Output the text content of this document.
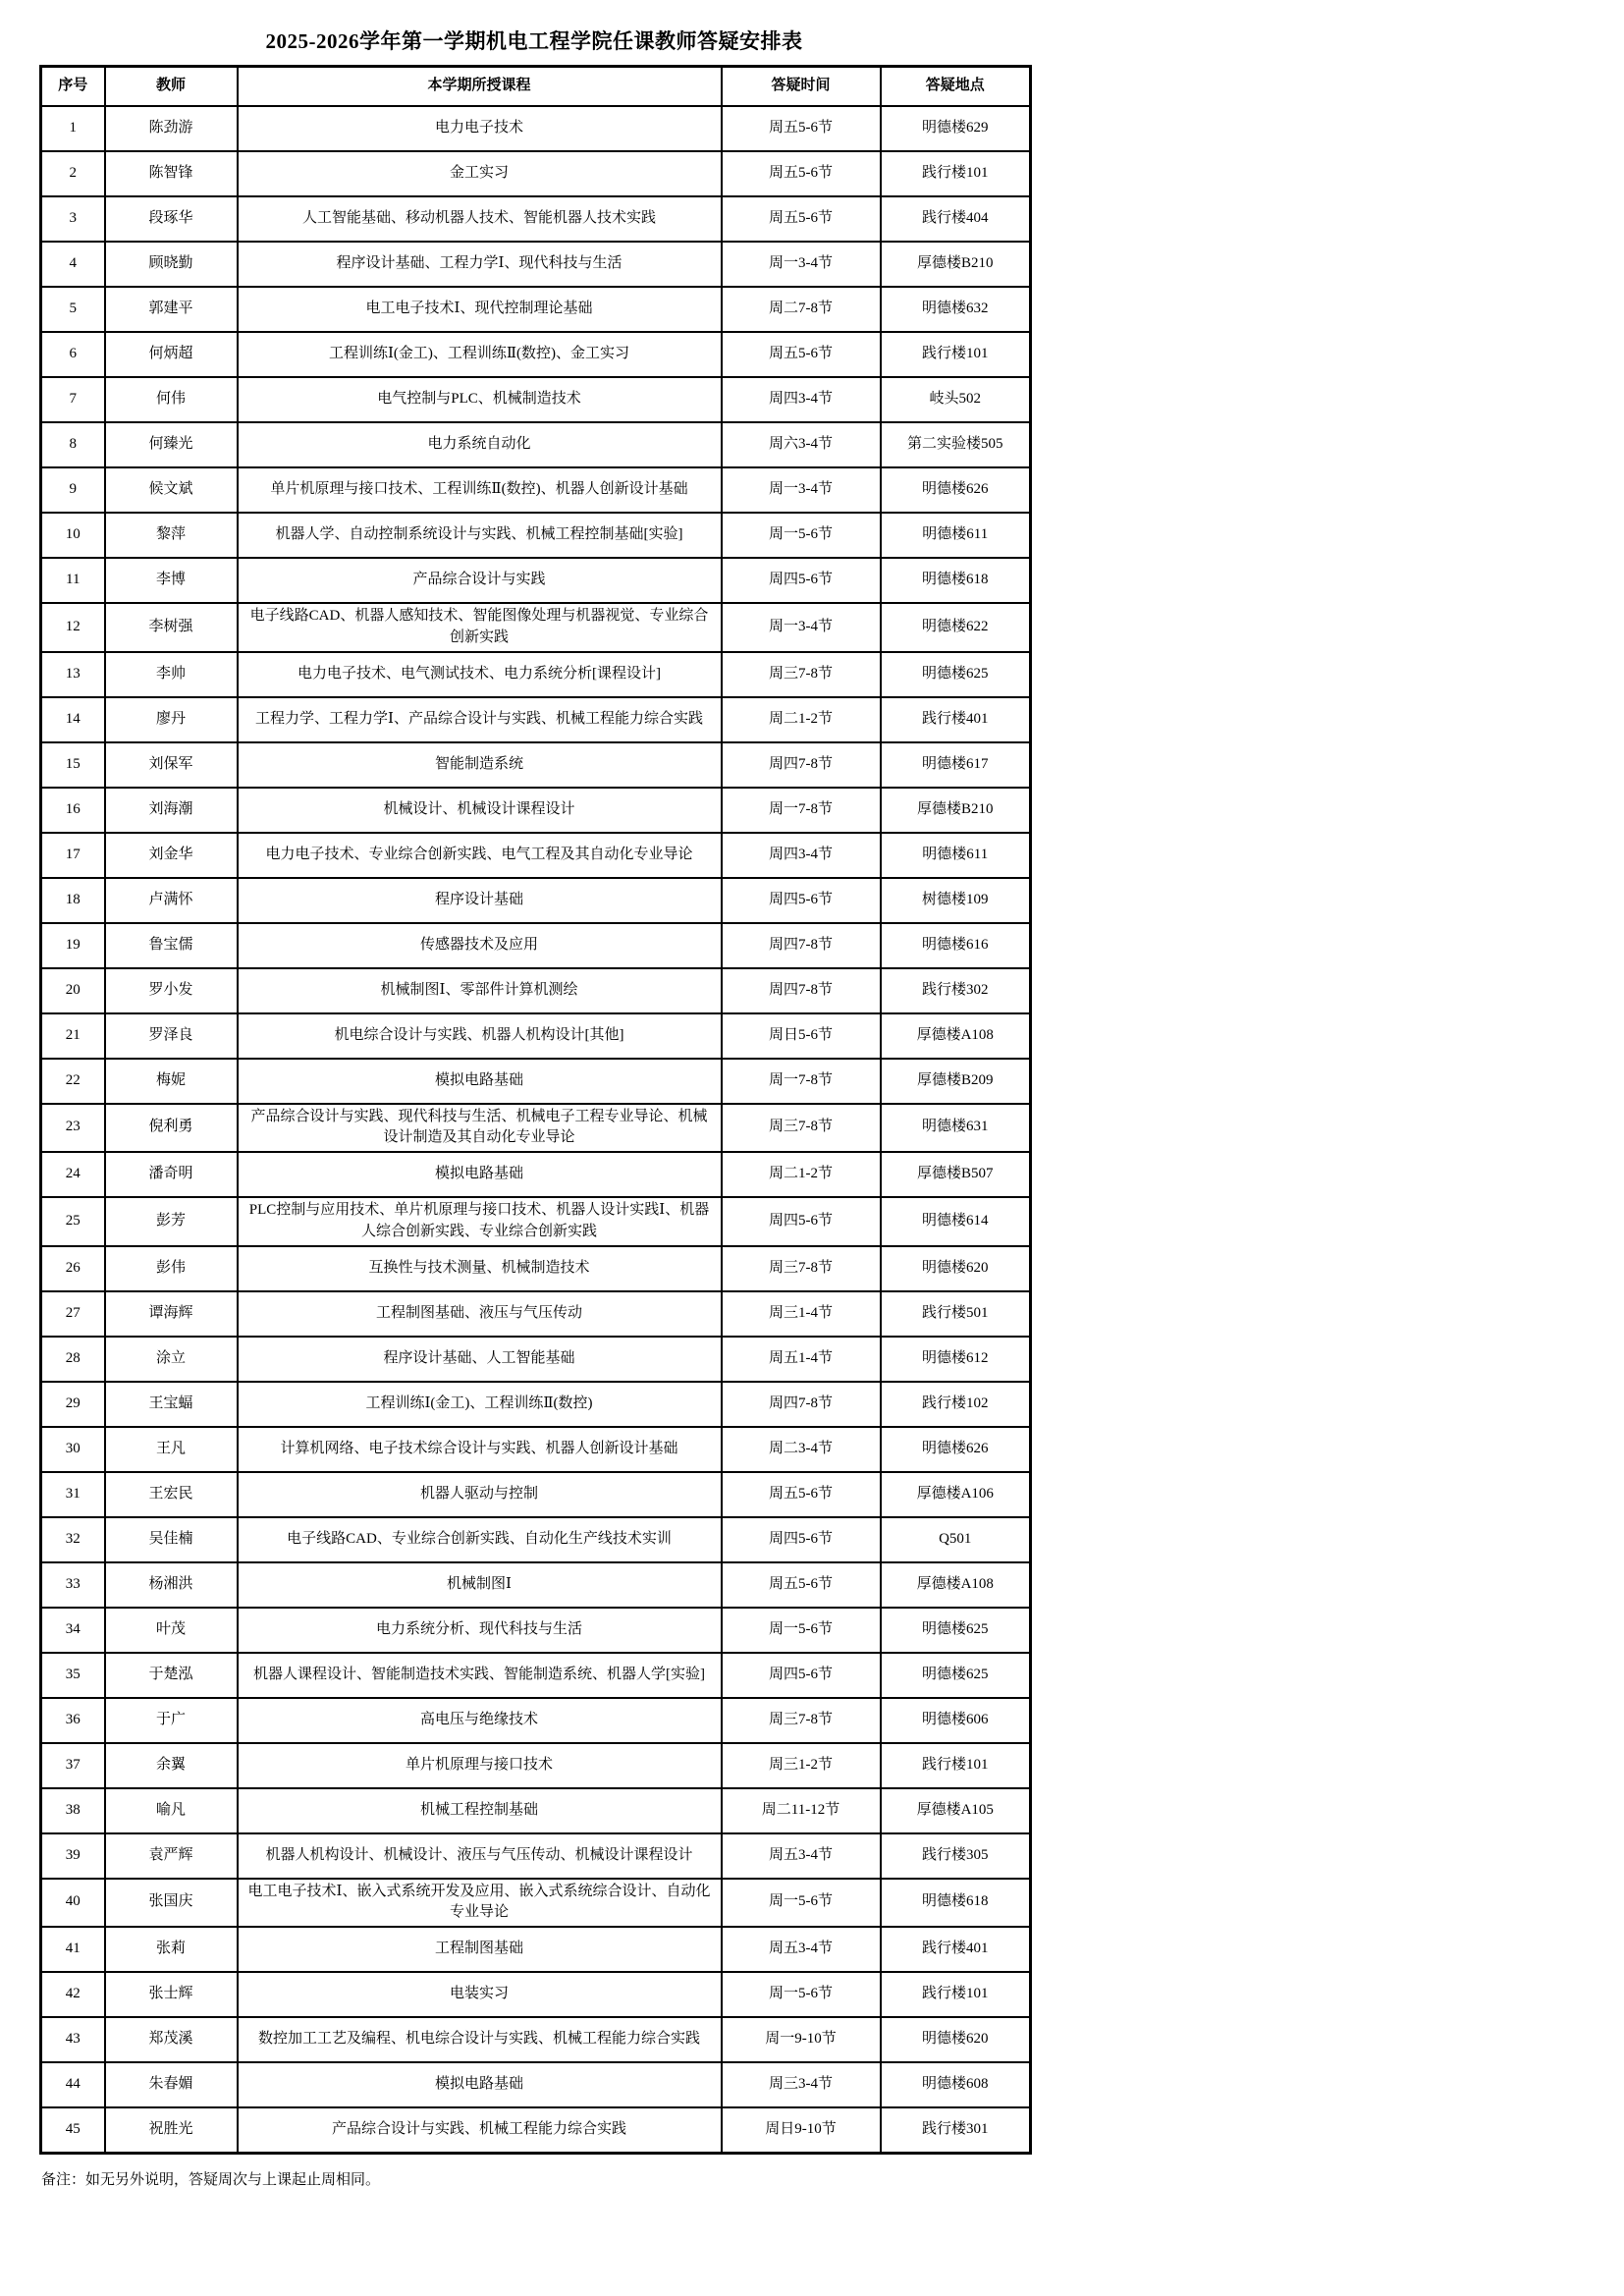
2025-2026学年第一学期机电工程学院任课教师答疑安排表
序号	教师	本学期所授课程	答疑时间	答疑地点
1	陈劲游	电力电子技术	周五5-6节	明德楼629
2	陈智锋	金工实习	周五5-6节	践行楼101
3	段琢华	人工智能基础、移动机器人技术、智能机器人技术实践	周五5-6节	践行楼404
4	顾晓勤	程序设计基础、工程力学Ⅰ、现代科技与生活	周一3-4节	厚德楼B210
5	郭建平	电工电子技术Ⅰ、现代控制理论基础	周二7-8节	明德楼632
6	何炳超	工程训练Ⅰ(金工)、工程训练Ⅱ(数控)、金工实习	周五5-6节	践行楼101
7	何伟	电气控制与PLC、机械制造技术	周四3-4节	岐头502
8	何臻光	电力系统自动化	周六3-4节	第二实验楼505
9	候文斌	单片机原理与接口技术、工程训练Ⅱ(数控)、机器人创新设计基础	周一3-4节	明德楼626
10	黎萍	机器人学、自动控制系统设计与实践、机械工程控制基础[实验]	周一5-6节	明德楼611
11	李博	产品综合设计与实践	周四5-6节	明德楼618
12	李树强	电子线路CAD、机器人感知技术、智能图像处理与机器视觉、专业综合创新实践	周一3-4节	明德楼622
13	李帅	电力电子技术、电气测试技术、电力系统分析[课程设计]	周三7-8节	明德楼625
14	廖丹	工程力学、工程力学Ⅰ、产品综合设计与实践、机械工程能力综合实践	周二1-2节	践行楼401
15	刘保军	智能制造系统	周四7-8节	明德楼617
16	刘海潮	机械设计、机械设计课程设计	周一7-8节	厚德楼B210
17	刘金华	电力电子技术、专业综合创新实践、电气工程及其自动化专业导论	周四3-4节	明德楼611
18	卢满怀	程序设计基础	周四5-6节	树德楼109
19	鲁宝儒	传感器技术及应用	周四7-8节	明德楼616
20	罗小发	机械制图Ⅰ、零部件计算机测绘	周四7-8节	践行楼302
21	罗泽良	机电综合设计与实践、机器人机构设计[其他]	周日5-6节	厚德楼A108
22	梅妮	模拟电路基础	周一7-8节	厚德楼B209
23	倪利勇	产品综合设计与实践、现代科技与生活、机械电子工程专业导论、机械设计制造及其自动化专业导论	周三7-8节	明德楼631
24	潘奇明	模拟电路基础	周二1-2节	厚德楼B507
25	彭芳	PLC控制与应用技术、单片机原理与接口技术、机器人设计实践Ⅰ、机器人综合创新实践、专业综合创新实践	周四5-6节	明德楼614
26	彭伟	互换性与技术测量、机械制造技术	周三7-8节	明德楼620
27	谭海辉	工程制图基础、液压与气压传动	周三1-4节	践行楼501
28	涂立	程序设计基础、人工智能基础	周五1-4节	明德楼612
29	王宝蝠	工程训练Ⅰ(金工)、工程训练Ⅱ(数控)	周四7-8节	践行楼102
30	王凡	计算机网络、电子技术综合设计与实践、机器人创新设计基础	周二3-4节	明德楼626
31	王宏民	机器人驱动与控制	周五5-6节	厚德楼A106
32	吴佳楠	电子线路CAD、专业综合创新实践、自动化生产线技术实训	周四5-6节	Q501
33	杨湘洪	机械制图Ⅰ	周五5-6节	厚德楼A108
34	叶茂	电力系统分析、现代科技与生活	周一5-6节	明德楼625
35	于楚泓	机器人课程设计、智能制造技术实践、智能制造系统、机器人学[实验]	周四5-6节	明德楼625
36	于广	高电压与绝缘技术	周三7-8节	明德楼606
37	余翼	单片机原理与接口技术	周三1-2节	践行楼101
38	喻凡	机械工程控制基础	周二11-12节	厚德楼A105
39	袁严辉	机器人机构设计、机械设计、液压与气压传动、机械设计课程设计	周五3-4节	践行楼305
40	张国庆	电工电子技术Ⅰ、嵌入式系统开发及应用、嵌入式系统综合设计、自动化专业导论	周一5-6节	明德楼618
41	张莉	工程制图基础	周五3-4节	践行楼401
42	张士辉	电装实习	周一5-6节	践行楼101
43	郑茂溪	数控加工工艺及编程、机电综合设计与实践、机械工程能力综合实践	周一9-10节	明德楼620
44	朱春媚	模拟电路基础	周三3-4节	明德楼608
45	祝胜光	产品综合设计与实践、机械工程能力综合实践	周日9-10节	践行楼301
备注：如无另外说明，答疑周次与上课起止周相同。
